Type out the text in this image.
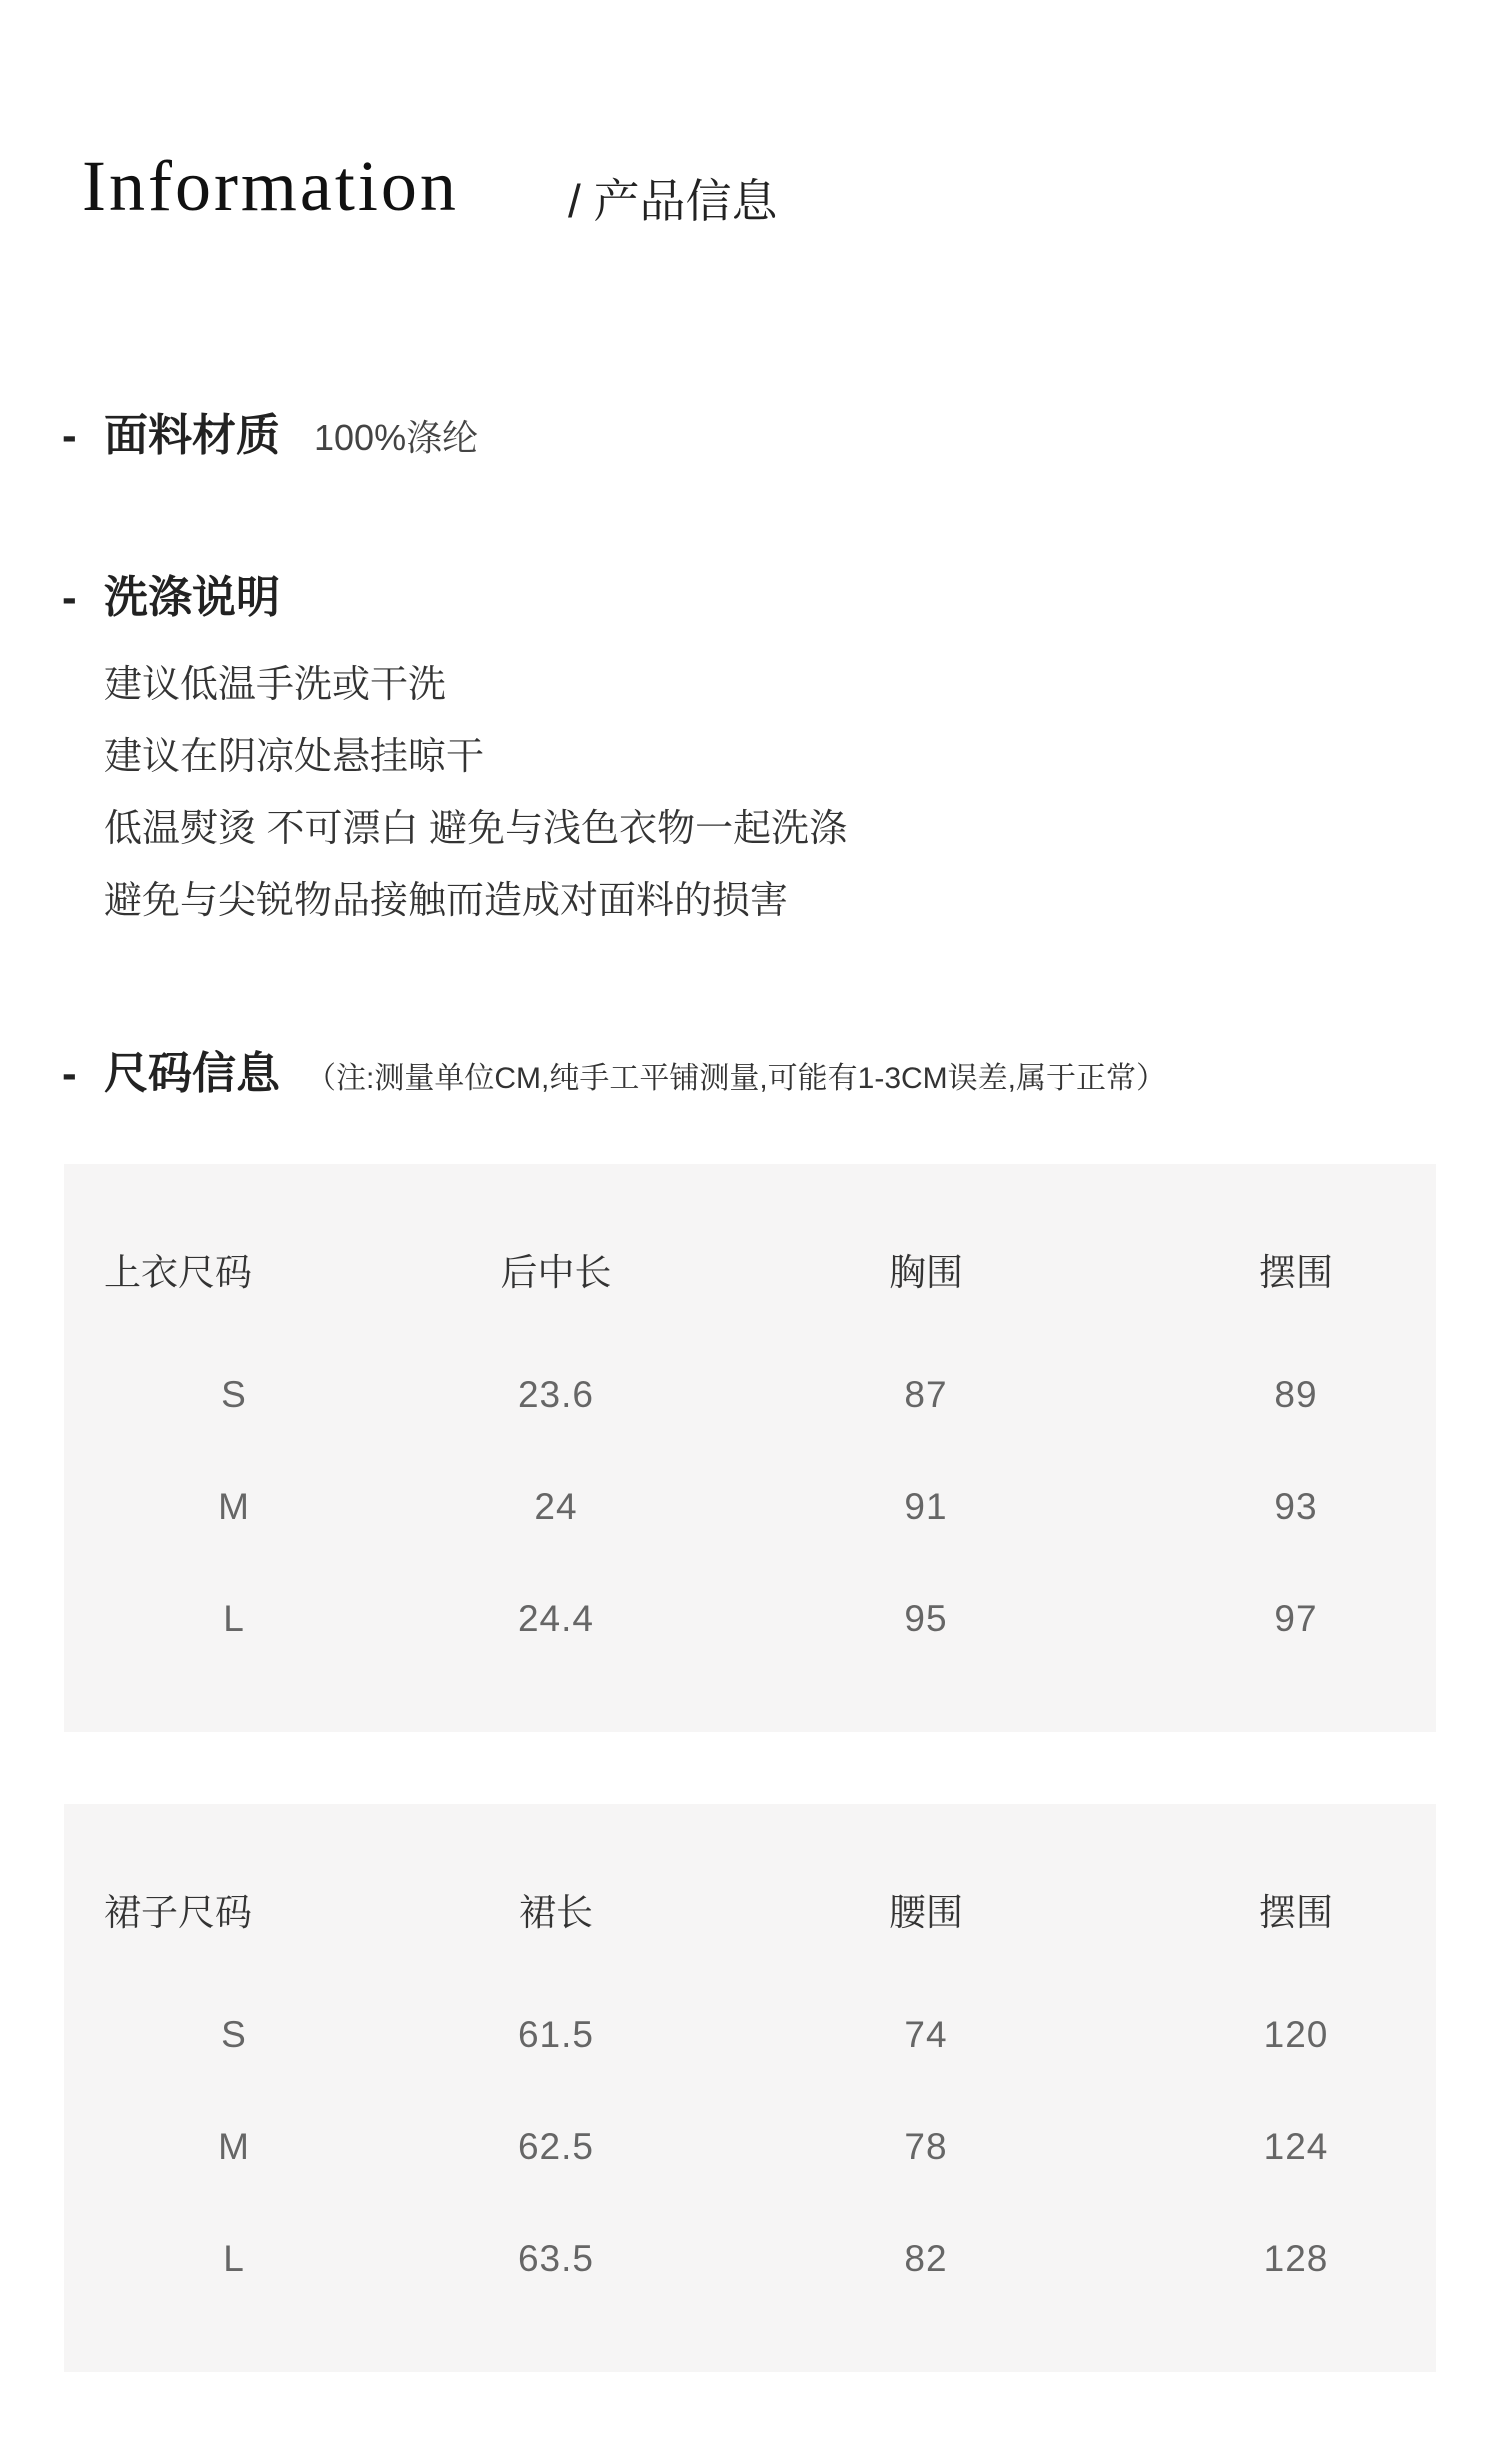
Information / 产品信息
- 面料材质 100%涤纶
- 洗涤说明
建议低温手洗或干洗
建议在阴凉处悬挂晾干
低温熨烫 不可漂白 避免与浅色衣物一起洗涤
避免与尖锐物品接触而造成对面料的损害
- 尺码信息 （注:测量单位CM,纯手工平铺测量,可能有1-3CM误差,属于正常）
上衣尺码	后中长	胸围	摆围
S	23.6	87	89
M	24	91	93
L	24.4	95	97
裙子尺码	裙长	腰围	摆围
S	61.5	74	120
M	62.5	78	124
L	63.5	82	128
